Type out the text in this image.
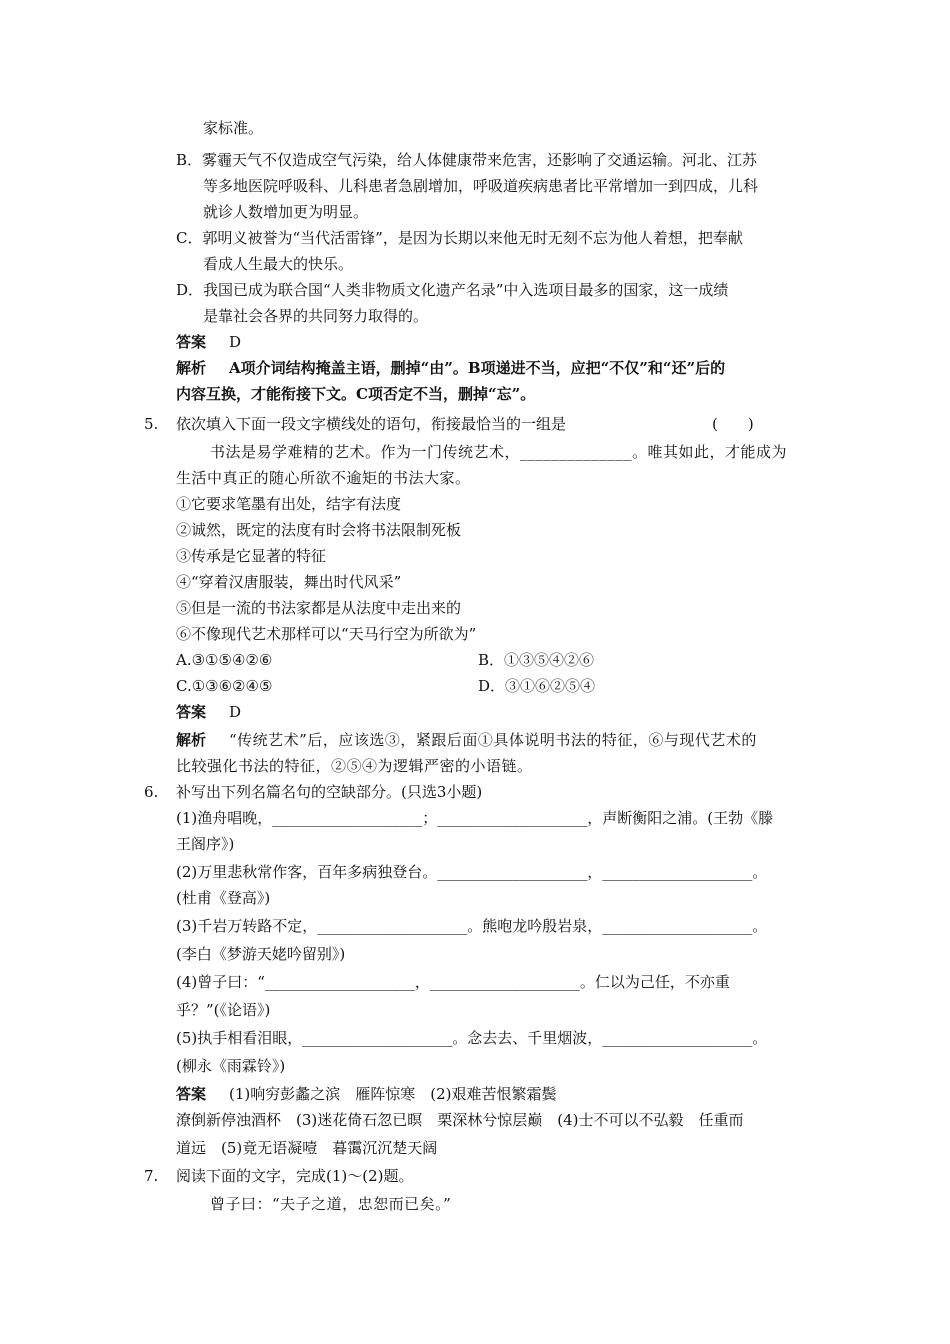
家标准。
B．雾霾天气不仅造成空气污染，给人体健康带来危害，还影响了交通运输。河北、江苏
等多地医院呼吸科、儿科患者急剧增加，呼吸道疾病患者比平常增加一到四成，儿科
就诊人数增加更为明显。
C．郭明义被誉为“当代活雷锋”，是因为长期以来他无时无刻不忘为他人着想，把奉献
看成人生最大的快乐。
D．我国已成为联合国“人类非物质文化遗产名录”中入选项目最多的国家，这一成绩
是靠社会各界的共同努力取得的。
答案 D
解析 A项介词结构掩盖主语，删掉“由”。B项递进不当，应把“不仅”和“还”后的
内容互换，才能衔接下文。C项否定不当，删掉“忘”。
5. 依次填入下面一段文字横线处的语句，衔接最恰当的一组是	(　　)
书法是易学难精的艺术。作为一门传统艺术，______________。唯其如此，才能成为
生活中真正的随心所欲不逾矩的书法大家。
①它要求笔墨有出处，结字有法度
②诚然，既定的法度有时会将书法限制死板
③传承是它显著的特征
④“穿着汉唐服装，舞出时代风采”
⑤但是一流的书法家都是从法度中走出来的
⑥不像现代艺术那样可以“天马行空为所欲为”
A.③①⑤④②⑥	B．①③⑤④②⑥
C.①③⑥②④⑤	D．③①⑥②⑤④
答案 D
解析 “传统艺术”后，应该选③，紧跟后面①具体说明书法的特征，⑥与现代艺术的
比较强化书法的特征，②⑤④为逻辑严密的小语链。
6. 补写出下列名篇名句的空缺部分。(只选3小题)
(1)渔舟唱晚，____________________；____________________，声断衡阳之浦。(王勃《滕
王阁序》)
(2)万里悲秋常作客，百年多病独登台。____________________，____________________。
(杜甫《登高》)
(3)千岩万转路不定，____________________。熊咆龙吟殷岩泉，____________________。
(李白《梦游天姥吟留别》)
(4)曾子曰：“____________________，____________________。仁以为己任，不亦重
乎？”(《论语》)
(5)执手相看泪眼，____________________。念去去、千里烟波，____________________。
(柳永《雨霖铃》)
答案 (1)响穷彭蠡之滨　雁阵惊寒　(2)艰难苦恨繁霜鬓
潦倒新停浊酒杯　(3)迷花倚石忽已暝　栗深林兮惊层巅　(4)士不可以不弘毅　任重而
道远　(5)竟无语凝噎　暮霭沉沉楚天阔
7. 阅读下面的文字，完成(1)～(2)题。
曾子曰：“夫子之道，忠恕而已矣。”
